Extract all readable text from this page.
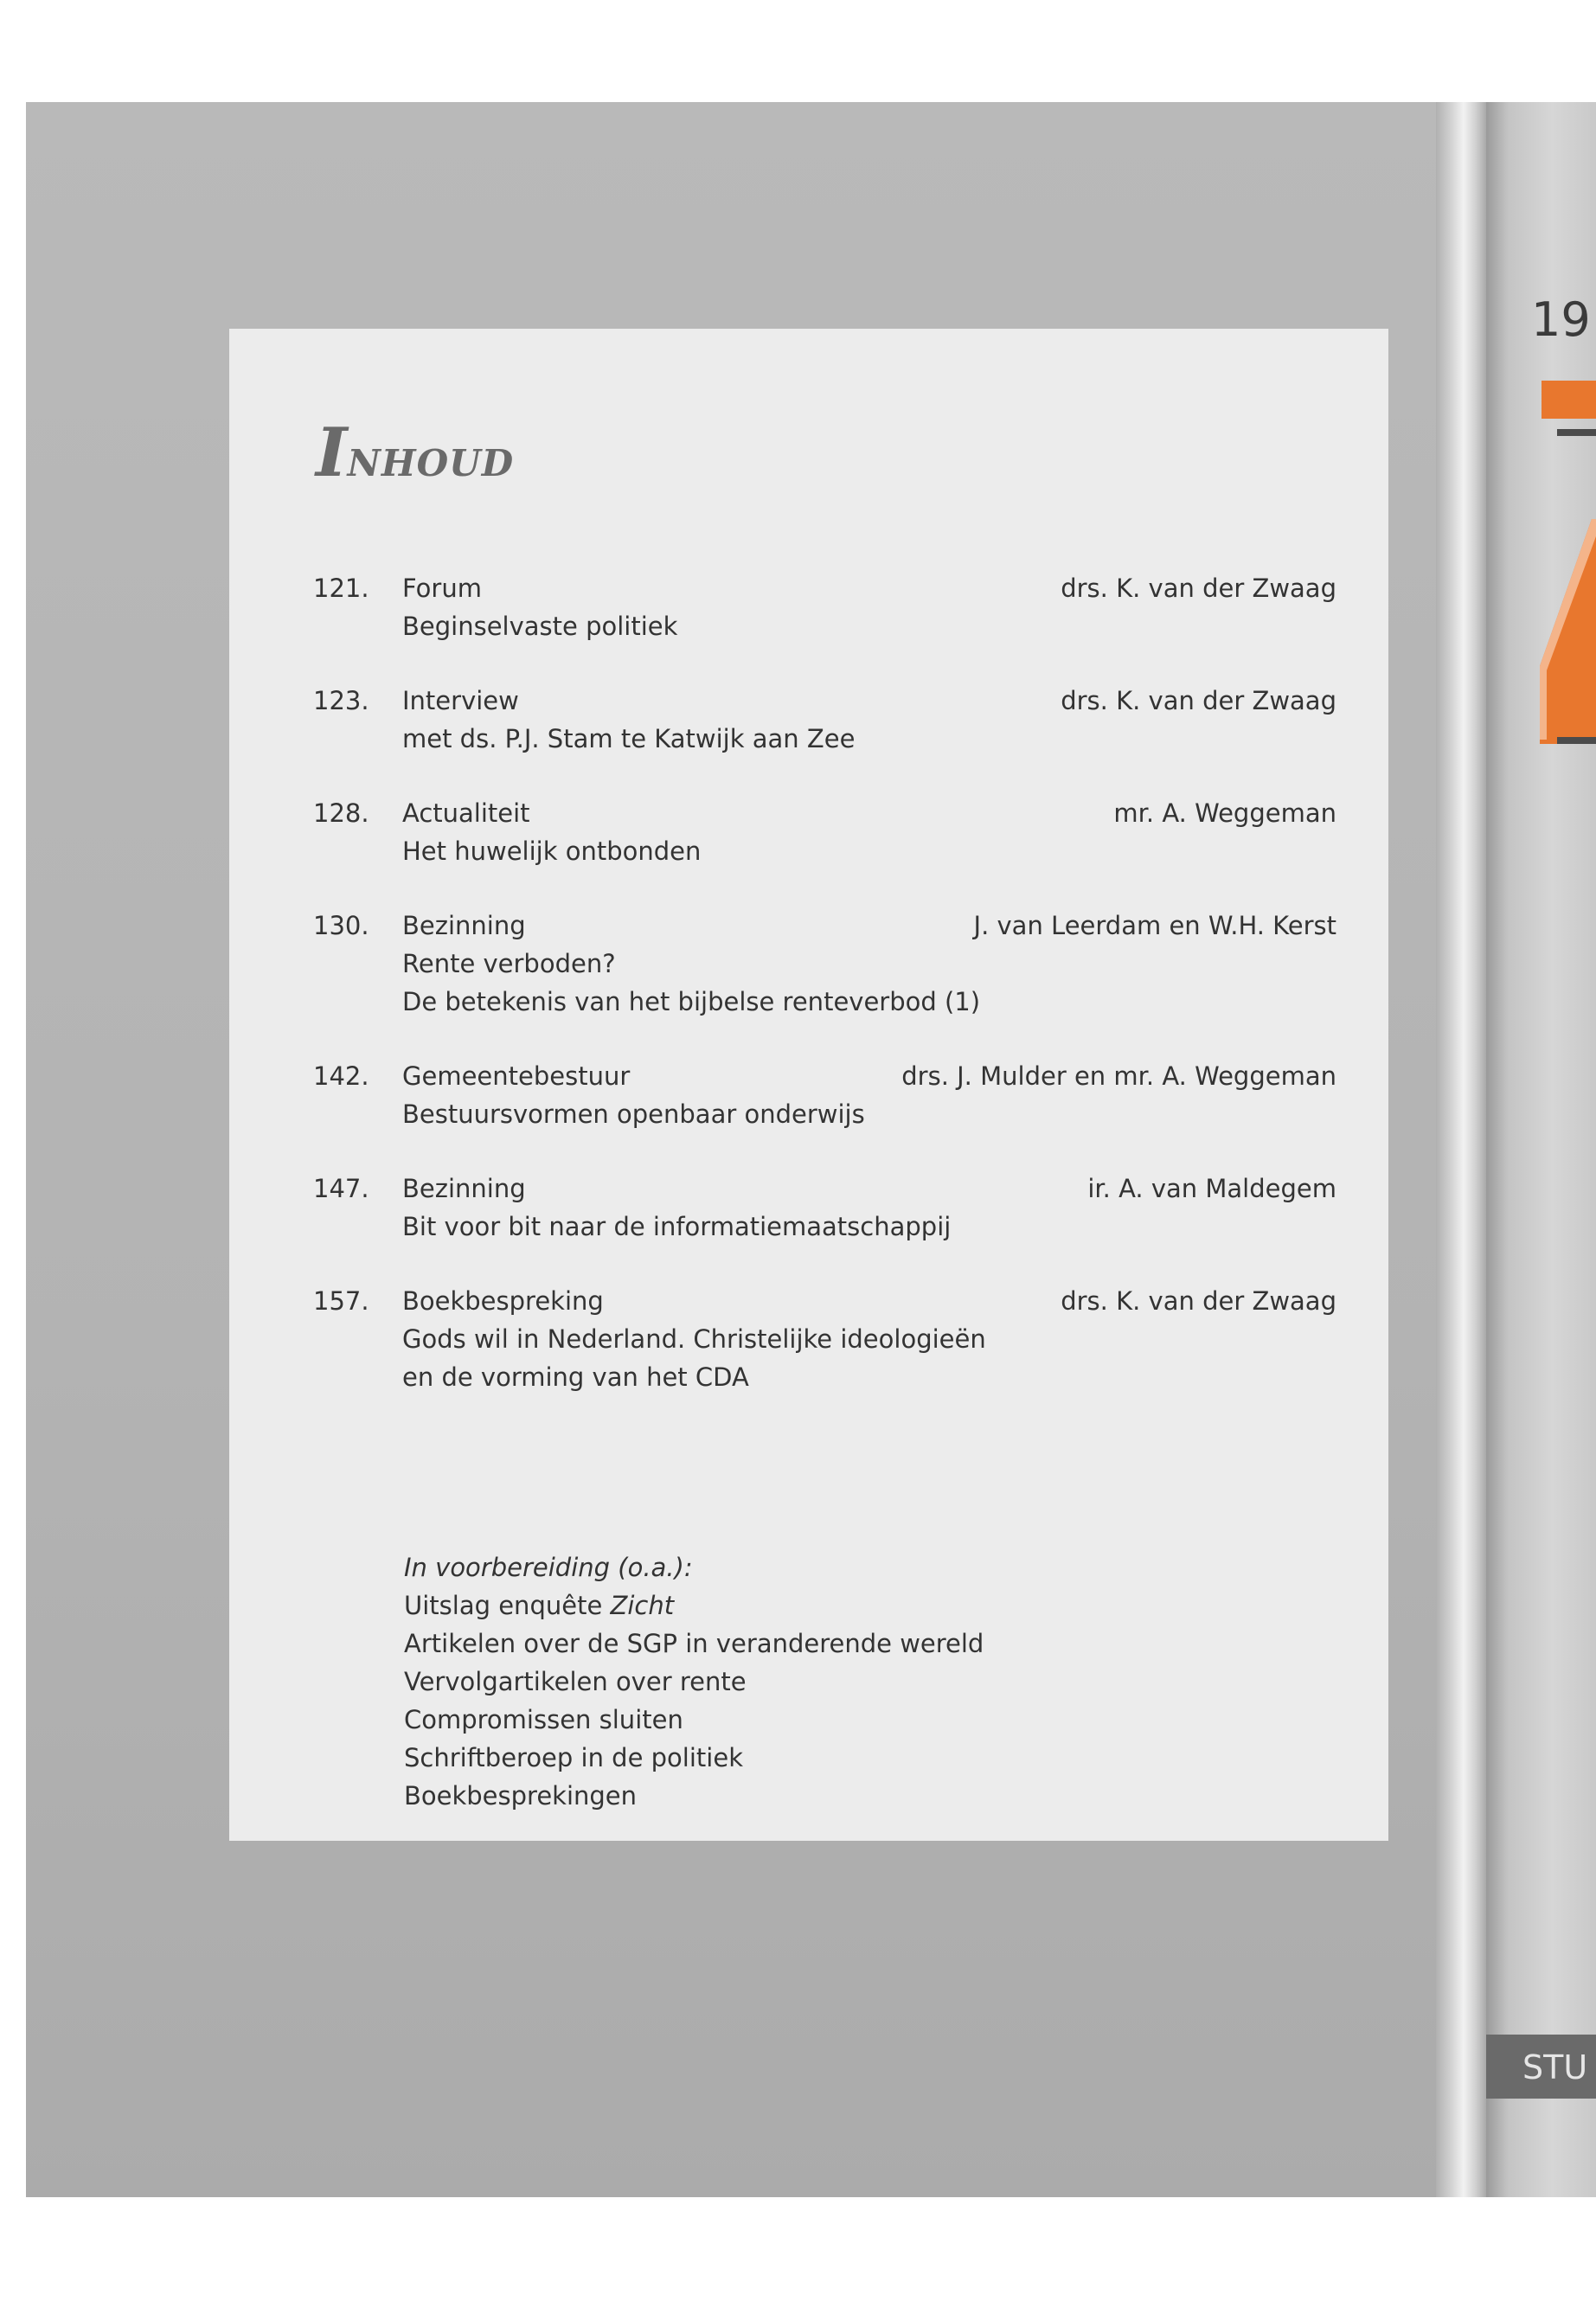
19
STU
INHOUD
121. Forum	drs. K. van der Zwaag
Beginselvaste politiek
123. Interview	drs. K. van der Zwaag
met ds. P.J. Stam te Katwijk aan Zee
128. Actualiteit	mr. A. Weggeman
Het huwelijk ontbonden
130. Bezinning	J. van Leerdam en W.H. Kerst
Rente verboden?
De betekenis van het bijbelse renteverbod (1)
142. Gemeentebestuur	drs. J. Mulder en mr. A. Weggeman
Bestuursvormen openbaar onderwijs
147. Bezinning	ir. A. van Maldegem
Bit voor bit naar de informatiemaatschappij
157. Boekbespreking	drs. K. van der Zwaag
Gods wil in Nederland. Christelijke ideologieën
en de vorming van het CDA
In voorbereiding (o.a.):
Uitslag enquête Zicht
Artikelen over de SGP in veranderende wereld
Vervolgartikelen over rente
Compromissen sluiten
Schriftberoep in de politiek
Boekbesprekingen
